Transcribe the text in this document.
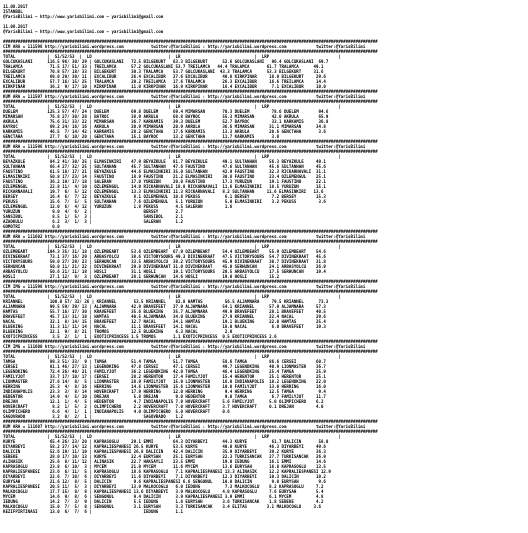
11.08.2017
ISTANBUL
@YarisBilimi — http://www.yarisbilimi.com — yarisbilimi@gmail.com
11.08.2017
@YarisBilimi — http://www.yarisbilimi.com — yarisbilimi@gmail.com
########################################################################################################################################################
CIM ARA = 111598 http://yarisbilimi.wordpress.com           twitter:@YarisBilimi : http://yarisbilimi.wordpress.com            twitter:@YarisBilimi
########################################################################################################################################################
TOTAL             |  S1/S2/S3  |  LD                               |  LR                              |  LRP                            |
GOLCUKASLANI      116.5 96/ 30/ 29 | GOLCUKASLANI   72.5 BILGEKURT   63.3 BILGEKURT      52.6 GOLCUKASLANI   96.4 GOLCUKASLANI  69.7
TRALAMCA           71.5 17/ 51/ 33 | TREILAMCA      57.2 GOLCUKASLANI 53.7 TREILAMCA   44.4 TRALAMCA       61.7 TRALAMCA      49.1
BILGEKURT          70.8 57/ 18/ 33 | BILGEKURT      30.3 TRALAMCA    53.7 GOLCUKASLANI  43.3 TRALAMCA      53.3 BILGEKURT     31.6
TREILAMCA          69.0 29/ 30/ 11 | EXCALIBUR      26.4 EXCALIBUR   27.6 EXCALIBUR      40.8 KIRKPINAR     18.0 BILGEKURT     29.6
EXCALIBUR          57.7 16/ 15/ 25 | TRALAMCA       20.2 TREILAMCA   17.6 TRALAMCA       26.3 EXCALIBUR     16.6 TREILAMCA     14.4
KIRKPINAR          36.2  9/ 17/ 10 | KIRKPINAR      11.0 KIRKPINAR   16.9 KIRKPINAR      16.4 EXCALIBUR      7.1 EXCALIBUR     10.0
########################################################################################################################################################
KUM ARA = 111597 http://yarisbilimi.wordpress.com           twitter:@YarisBilimi : http://yarisbilimi.wordpress.com            twitter:@YarisBilimi
########################################################################################################################################################
TOTAL             |  S1/S2/S3  |  LD                               |  LR                              |  LRP                            |
DUELEM            125.3 57/ 47/ 24 | DUELEM         69.8 DUELEM      69.4 MIMARSAN       70.3 DUELEM         78.6 DUELEM        94.6
MIMARSAN           76.8 27/ 30/ 28 | BATROC         38.9 AKRULA      68.8 BAYROC         55.3 MIMARSAN       42.0 AKRULA        65.9
AKRULA             75.6 31/ 33/ 22 | MIMARSAN       36.7 KARKAMIS    39.3 DUELEM         52.7 BAYROC         33.1 KARKAMIS      36.8
BAYROC             69.2 24/ 16/ 16 | AKRULA         20.9 MIMARSAN    20.9 AKRULA         36.6 MIMARSAN      31.1 MIMARSAN      34.8
KARKAMIS           46.5  7/ 14/ 42 | KARKAMIS       28.2 GENCTAHA    17.6 KARKAMIS       13.3 AKRULA        20.6 GENCTAHA       3.6
GENCTAHA           27.7  6/ 10/ 20 | GENCTAHA       15.1 BAYROC      13.2 GENCTAHA       11.7 KARKAMIS       3.0
########################################################################################################################################################
KUM ARA = 111596 http://yarisbilimi.wordpress.com           twitter:@YarisBilimi : http://yarisbilimi.wordpress.com            twitter:@YarisBilimi
########################################################################################################################################################
TOTAL             |  S1/S2/S3  |  LD                               |  LR                              |  LRP                            |
BEYAZKULE          84.2 41/ 30/ 25 | ELMASINKIRI    47.9 BEYAZKULE   81.7 BEYAZKULE      49.1 SULTANHAN     56.3 BEYAZKULE     49.1
SULTANHAN          66.4 27/ 32/ 25 | SULTANHAN      45.7 SULTANHAN   47.6 FAUSTINO       47.6 SULTANHAN     45.6 SULTANHAN     45.6
FAUSTINO           61.5 18/ 17/ 21 | BEYAZKULE      44.6 ELMASINKIRI 35.0 SULTANHAN      42.9 FAUSTINO      32.3 RICKARNAVALI  31.1
ELMASINKIRI        50.8 17/ 23/ 14 | FAUSTINO       18.9 FAUSTINO    21.2 ELMASINKIRI    30.8 FAUSTINO      23.4 OZLEMENGUL    25.1
FAUSTINO           36.2 19/ 17/ 18 | SALERAN        17.0 YURUZUN     20.0 FAUSTINO       17.3 YURUZUN       19.1 FAUSTINO      22.1
OZLEMENGUL         22.8 11/  4/ 10 | OZLEMENGUL     14.0 RICKARNAVALI 18.8 RICKARNAVALI  11.6 ELMASINKIRI   18.5 YURUZUN       15.1
RICKARNAVALI       19.7  6/  5/ 12 | OZLEMENGUL     13.3 ELMASINKIRI 11.3 RICKARNAVALI   8.2 SULTANHAN     11.6 ELMASINKIRI   13.6
BERSEY             16.4  6/  7/ 12 | BEYAZKULE       8.1 OZLEMENGUL  10.8 PEKUSS          6.1 BERSEY         7.2 BERSEY        15.3
PEKUSS             15.6  7/  5/  5 | SULTANHAN       7.6 OZLEMENGUL   5.1 YURUZUN         5.0 ELMASINKIRI    3.2 PEKUSS         3.6
OZLEMENGUL         12.0  6/  4/ 12 | YURUZUN         1.8 PEKUSS       4.5 SALERAN         1.6
YURUZUN             9.0  4/  6/  2 |                     BERSEY       2.7
SANSIBOL            8.5  1/  5/  3 |                     SANSIBOL     2.1
AZADKULU            6.2  3/  1/  3 |                     SALERAN      1.2
GOMOTRI             0.0
########################################################################################################################################################
KUM ARA = 111602 http://yarisbilimi.wordpress.com           twitter:@YarisBilimi : http://yarisbilimi.wordpress.com            twitter:@YarisBilimi
########################################################################################################################################################
TOTAL             |  S1/S2/S3  |  LD                               |  LR                              |  LRP                            |
OZLEMBEART        104.3 35/ 31/ 18 | OZLEMBEART     53.6 OZLEMBEART  67.9 OZLEMBEART     54.4 OZLEMBEART    55.9 OZLEMBEART    54.6
DIVINEKRAAT        73.1 37/ 16/ 29 | ARBASYOLCU     38.6 VICTORYSOURS 49.3 DIVINEKRAAT   47.5 VICTORYSOURS  54.7 DIVINEKRAAT   45.6
VICTORYSOURS       59.0 27/ 29/ 23 | SERHUNCAN      33.5 ARBASYOLCU  38.2 VICTORYSOURS   45.9 DIVINEKRAAT   30.7 DIVINEKRAAT   31.8
SERHUNCAN          50.0 11/ 21/ 22 | DIVINEKRAAT    29.8 DIVINEKRAAT 31.0 DIVINEKRAAT    45.0 SERHUNCAN     24.1 ARBASYOLCU    26.9
ARBASYOLCU         50.6 21/ 11/ 18 | HOSLI          31.1 HOSLI       19.1 VICTORYSOURS   20.5 ARBASYOLCU    17.5 SERHUNCAN     19.4
HOSLI              27.1 12/  8/  3 | OZLEMBEART     28.1 SERHUNCAN   14.6 HOSLI          19.0 HOSLI         15.2
########################################################################################################################################################
CIM IMG = 111598 http://yarisbilimi.wordpress.com           twitter:@YarisBilimi : http://yarisbilimi.wordpress.com            twitter:@YarisBilimi
########################################################################################################################################################
TOTAL             |  S1/S2/S3  |  LD                               |  LR                              |  LRP                            |
KRIANNEL           100.0 57/ 32/ 26 | KRIANNEL       53.5 KRIANNEL    82.8 HAMTAS         56.5 ALJAMNARA     79.5 KRIANNEL      73.3
ALJAMNARA          99.5 59/ 39/ 13 | ALJAMNARA      42.9 BRAVEFEET   37.9 ALJAMNARA      54.1 KRIANNEL      57.9 ALJAMNARA     57.3
HAMTAS             55.7 16/ 17/ 30 | KRAVEFEET      35.6 BLUEKING    35.7 ALJAMNARA      49.9 BRAVEFEET     28.1 BRAVEFEET     40.5
BRAVEFEET          45.7 13/ 31/ 18 | HAMTAS         40.5 ALJAMNARA   34.0 BLUEKING       27.9 KRIANNEL      22.4 NACAL         29.6
NACAL              32.1  8/ 14/ 15 | BRAVEFEET      12.7 NACAL       34.1 HAMTAS         19.1 BLUEKING      22.0 HAMTAS        25.4
BLUEKING           31.3 11/ 11/ 14 | NACAL          11.1 BRAVEFEET   14.1 NACAL          18.0 NACAL          6.0 BRAVEFEET     19.3
BLUEKING           22.1  9/  8/ 21 | TROMOS         12.5 BLUEKING     6.3 NACAL           2.0
EXOTICPRINCESS      3.5  2/  1/  1 | EXOTICPRINCESS 1.5 TROMOS       1.1 EXOTICPRINCESS  0.5 EXOTICPRINCESS 2.6
########################################################################################################################################################
CIM IMG = 111600 http://yarisbilimi.wordpress.com           twitter:@YarisBilimi : http://yarisbilimi.wordpress.com            twitter:@YarisBilimi
########################################################################################################################################################
TOTAL             |  S1/S2/S3  |  LD                               |  LR                              |  LRP                            |
TAMGA              89.3 51/ 33/  9 | TAMGA          51.4 TAMGA       51.7 TAMGA          58.6 TAMGA         86.6 CERSEI        60.7
CERSEI             81.1 46/ 27/ 13 | LEGENDKING     47.8 CERSEI      47.1 CERSEI         49.7 LEGENDKING    40.9 LIONMASTER    36.7
LEGENDKING         72.4 26/ 40/ 21 | FAMILYJOT      36.2 LEGENDKING  42.0 TAMGA          46.4 LEGENDKING    25.4 TAMGA         25.9
FAMILYJOT          33.7 17/ 10/ 17 | CERSEI         28.2 HERENTOR    17.4 FAMILYJOT      15.4 HERENTOR      25.1 HERENTOR      25.1
LIONMASTER         27.6 14/  8/  5 | LIONMASTER     28.9 FAMILYJOT   15.9 LIONMASTER     16.0 INDIANAPOLIS  18.2 LEGENDKING    22.0
HERRING            25.3  4/  8/ 16 | HERRING        14.6 LIONMASTER  15.6 LIONMASTER     10.0 FAMILYJOT     13.0 HERRING       16.0
INDIANAPOLIS       23.3  3/  8/ 14 | HOVERCRAFT     17.9 HERRING     12.0 HERRING         9.4 HERRING       12.5 TAMGA          9.4
HEDENTOR           14.9  4/  5/ 10 | DREJAN          5.8 DREJAN       9.0 HEDENTOR        9.0 TAMGA          6.7 FAMILYJOT     11.7
DREJAN             12.1  1/  4/  5 | HEDENTOR        4.7 INDIANAPOLIS 7.9 HOVERCRAFT     5.6 FAMILYJOT      5.0 OLIMPICHERO    6.2
HOVERCRAFT          8.2  1/  5/  2 | OLIMPICHERO     2.2 HOVERCRAFT   7.0 HOVERCRAFT     3.7 HOVERCRAFT     0.1 DREJAN         4.0
OLIMPICHERO         6.6  4/  1/  1 | INDIANAPOLIS    4.0 OLIMPICHERO  5.0 HOVERCRAFT     0.6
SAGOVRADO           3.2  0/  2/  1 |                     SAGOVRADO    1.2
########################################################################################################################################################
KUM ARA = 111607 http://yarisbilimi.wordpress.com           twitter:@YarisBilimi : http://yarisbilimi.wordpress.com            twitter:@YarisBilimi
########################################################################################################################################################
TOTAL             |  S1/S2/S3  |  LD                               |  LR                              |  LRP                            |
KURYE              65.4 26/ 23/ 20 | KAPRASOGLU     29.1 EMMI        64.3 DIYARBEYI      44.3 KURYE          61.7 DALICIN       58.0
DIYARBEYI          58.2 27/ 14/ 12 | KAPRALIESPANESI 26.5 KURYE      53.5 KURYE          40.0 KURYE         46.3 DIYARBEYI     49.6
DALICIN            52.6 19/ 11/ 10 | KAPRALIESPANESI 26.8 DALICIN    42.4 DALICIN        35.9 DIYARBEYI     39.2 KURYE         36.3
SEBEKE             28.0 17/ 10/ 13 | KURYE          22.4 EURYSAH     25.1 EURYSAH        22.3 TURKISANCAK   27.7 TURKISANCAK   26.9
ALINASIK           25.6  8/ 11/ 12 | ALINASIK       22.7 HAKSAYLI    23.5 EMMI           19.0 IEDUNG        16.1 EMMI          14.6
KAPRASOGLU         23.8  6/ 10/  3 | MYCEM          21.0 MYCEM       11.6 MYCEM          13.6 EURYSAH       16.8 KAPRASOGLU    13.5
KAPRALIESPANESI    23.6  6/ 11/  5 | KAPRASOGLU     18.6 KAPRASOGLU   7.1 KAPRALIESPANESI 13.3 ALINASIK     12.2 KAPRALIESPANESI 12.9
DIYARBEYI          22.6  7/ 10/  6 | DIYARBEYI      11.6 DIYARBEYI    7.1 DIYARBEYI      12.3 DIYARBEYI     10.3 DALICIN       10.2
EURYSAH            21.6 12/  8/  5 | DALICIN         9.6 KAPRALIESPANESI 6.6 SENGONUL    10.0 DALICIN        9.0 EURYSAH        9.6
KAPRALIESPANESI    20.5 11/  5/  3 | DIYARBEYI      13.9 MALKOCOGLU   6.0 IEDUNG          7.3 MALKOCOGLU    8.2 KAPRASOGLU     7.2
MALKOCOGLU         17.7 15/  8/  8 | KAPRALIESPANESI 13.6 DIYARBEYI   3.9 MALKOCOGLU     4.0 KAPRASOGLU     7.6 EURYSAH        5.4
MYCEM              14.6  9/  8/  6 | SENGONUL        9.4 DALICIN      3.9 KAPRALIESPANESI 3.9 EMMI          6.1 MYCEM          4.8
IEDUNG             14.2  7/  3/  9 | DALICIN         5.5 IEDUNG       1.6 EURYSAH        3.6 TURKISANCAK    1.8 SEBEKE         4.2
MALKOCOGLU         15.0  7/  5/  8 | SENGONUL        3.1 EURYSAH      3.3 TURKISANCAK    3.4 ELITAS        3.1 MALKOCOGLU     3.6
KEZIFPIRTINASI     13.0  6/  7/  6 |                     IEDUNG       1.1
